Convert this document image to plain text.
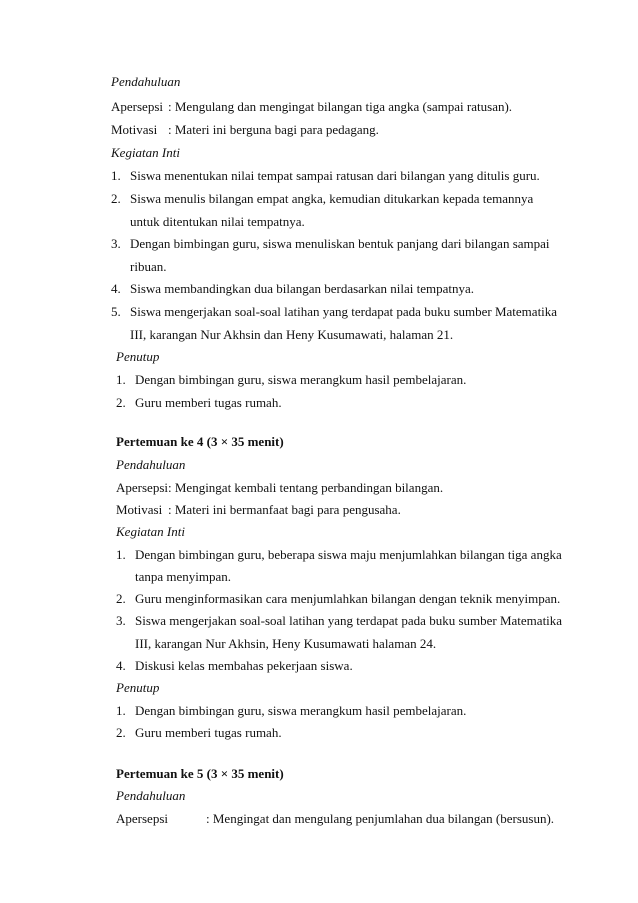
Pendahuluan

Apersepsi : Mengulang dan mengingat bilangan tiga angka (sampai ratusan).

Motivasi : Materi ini berguna bagi para pedagang.

Kegiatan Inti

1. Siswa menentukan nilai tempat sampai ratusan dari bilangan yang ditulis guru.

2. Siswa menulis bilangan empat angka, kemudian ditukarkan kepada temannya

untuk ditentukan nilai tempatnya.

3. Dengan bimbingan guru, siswa menuliskan bentuk panjang dari bilangan sampai

ribuan.

4. Siswa membandingkan dua bilangan berdasarkan nilai tempatnya.

5. Siswa mengerjakan soal-soal latihan yang terdapat pada buku sumber Matematika

III, karangan Nur Akhsin dan Heny Kusumawati, halaman 21.

Penutup

1. Dengan bimbingan guru, siswa merangkum hasil pembelajaran.

2. Guru memberi tugas rumah.

Pertemuan ke 4 (3 × 35 menit)

Pendahuluan

Apersepsi : Mengingat kembali tentang perbandingan bilangan.

Motivasi : Materi ini bermanfaat bagi para pengusaha.

Kegiatan Inti

1. Dengan bimbingan guru, beberapa siswa maju menjumlahkan bilangan tiga angka

tanpa menyimpan.

2. Guru menginformasikan cara menjumlahkan bilangan dengan teknik menyimpan.

3. Siswa mengerjakan soal-soal latihan yang terdapat pada buku sumber Matematika

III, karangan Nur Akhsin, Heny Kusumawati halaman 24.

4. Diskusi kelas membahas pekerjaan siswa.

Penutup

1. Dengan bimbingan guru, siswa merangkum hasil pembelajaran.

2. Guru memberi tugas rumah.

Pertemuan ke 5 (3 × 35 menit)

Pendahuluan

Apersepsi	: Mengingat dan mengulang penjumlahan dua bilangan (bersusun).
